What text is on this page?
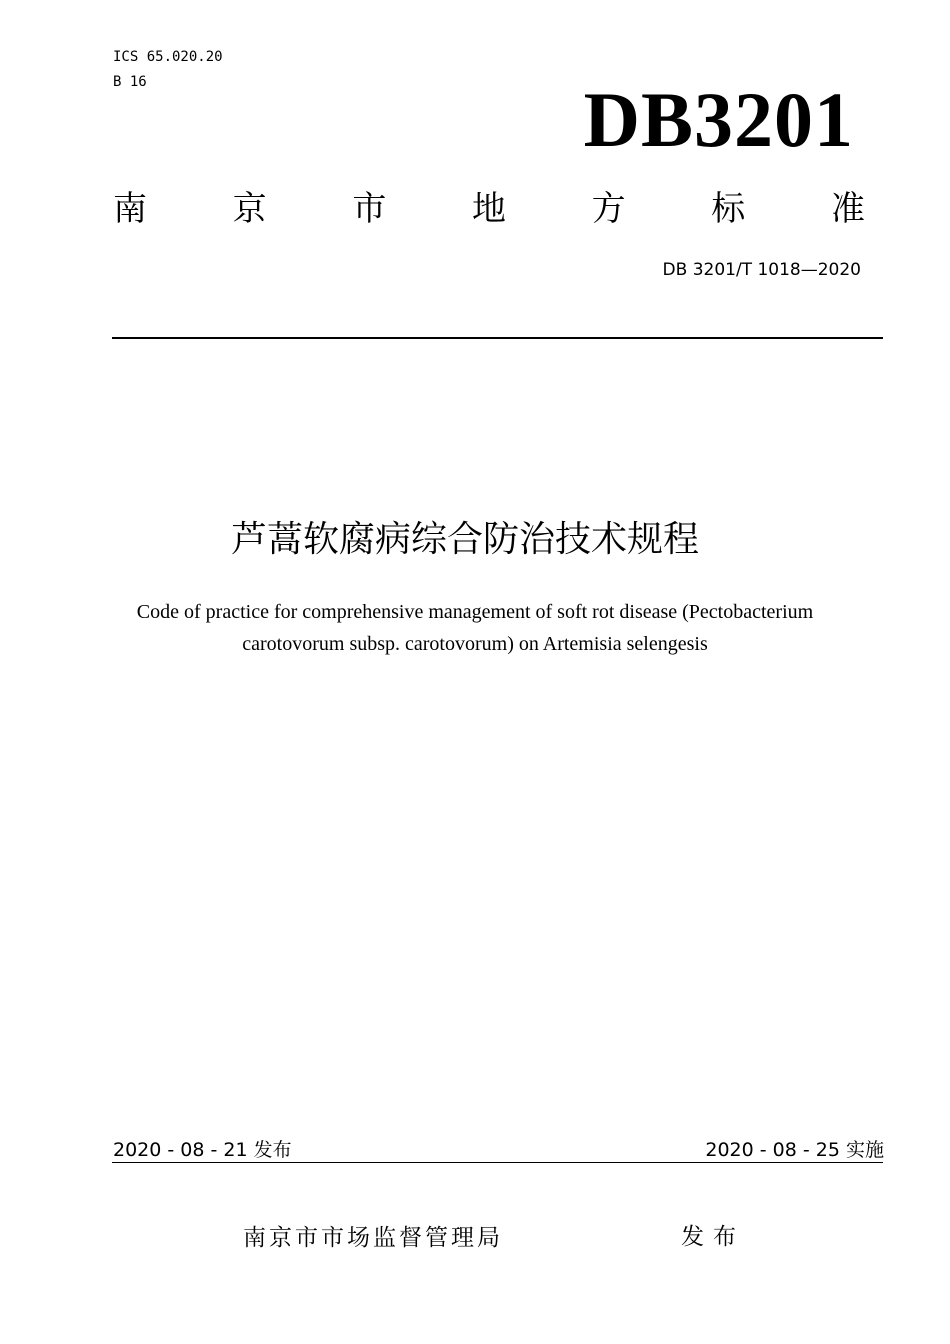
ICS 65.020.20
B 16	DB3201
南	京	市	地	方	标	准
DB 3201/T 1018—2020
芦蒿软腐病综合防治技术规程
Code of practice for comprehensive management of soft rot disease (Pectobacterium
carotovorum subsp. carotovorum) on Artemisia selengesis
2020 - 08 - 21 发布	2020 - 08 - 25 实施
南京市市场监督管理局	发布
